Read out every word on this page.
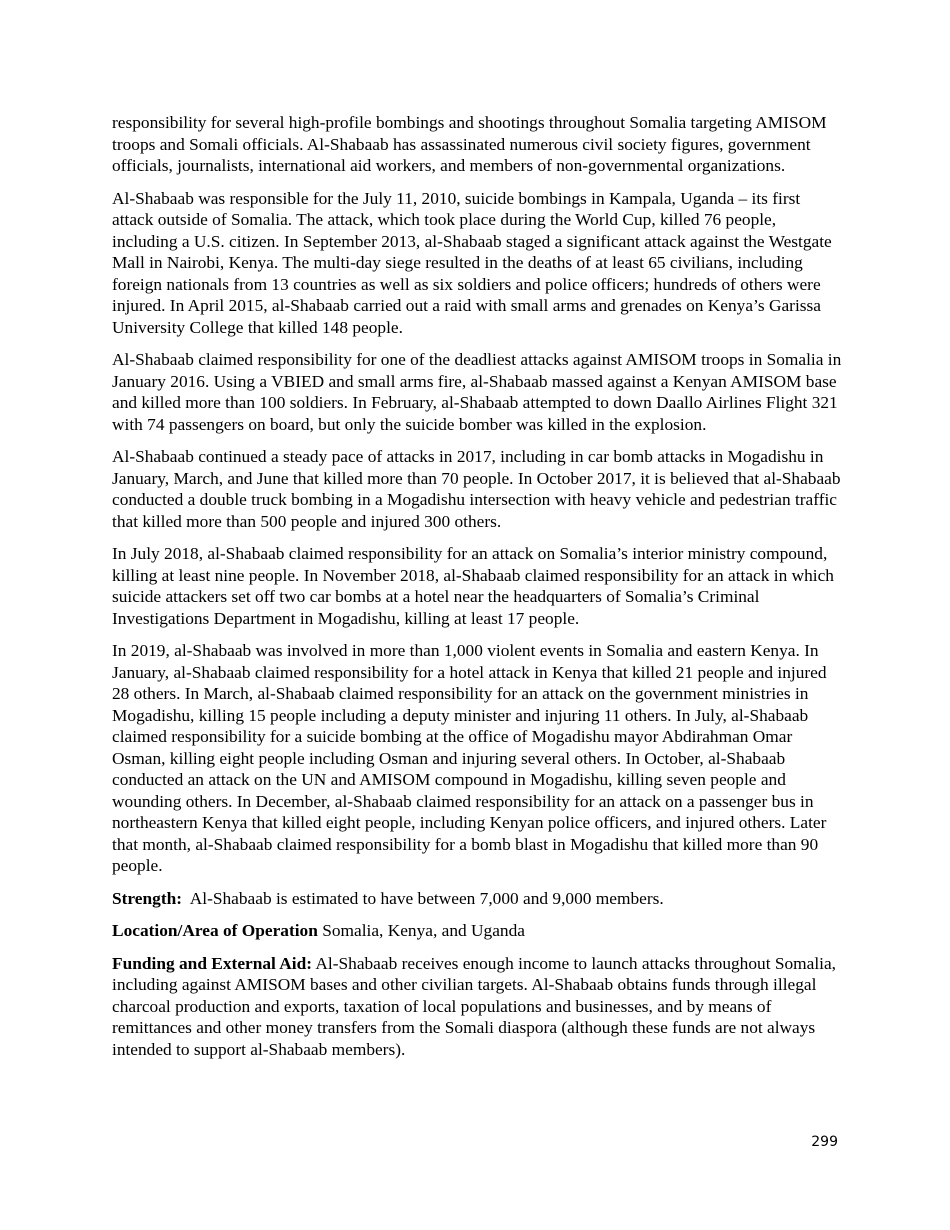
responsibility for several high-profile bombings and shootings throughout Somalia targeting AMISOM troops and Somali officials. Al-Shabaab has assassinated numerous civil society figures, government officials, journalists, international aid workers, and members of non-governmental organizations.

Al-Shabaab was responsible for the July 11, 2010, suicide bombings in Kampala, Uganda – its first attack outside of Somalia. The attack, which took place during the World Cup, killed 76 people, including a U.S. citizen. In September 2013, al-Shabaab staged a significant attack against the Westgate Mall in Nairobi, Kenya. The multi-day siege resulted in the deaths of at least 65 civilians, including foreign nationals from 13 countries as well as six soldiers and police officers; hundreds of others were injured. In April 2015, al-Shabaab carried out a raid with small arms and grenades on Kenya’s Garissa University College that killed 148 people.

Al-Shabaab claimed responsibility for one of the deadliest attacks against AMISOM troops in Somalia in January 2016. Using a VBIED and small arms fire, al-Shabaab massed against a Kenyan AMISOM base and killed more than 100 soldiers. In February, al-Shabaab attempted to down Daallo Airlines Flight 321 with 74 passengers on board, but only the suicide bomber was killed in the explosion.

Al-Shabaab continued a steady pace of attacks in 2017, including in car bomb attacks in Mogadishu in January, March, and June that killed more than 70 people. In October 2017, it is believed that al-Shabaab conducted a double truck bombing in a Mogadishu intersection with heavy vehicle and pedestrian traffic that killed more than 500 people and injured 300 others.

In July 2018, al-Shabaab claimed responsibility for an attack on Somalia’s interior ministry compound, killing at least nine people. In November 2018, al-Shabaab claimed responsibility for an attack in which suicide attackers set off two car bombs at a hotel near the headquarters of Somalia’s Criminal Investigations Department in Mogadishu, killing at least 17 people.

In 2019, al-Shabaab was involved in more than 1,000 violent events in Somalia and eastern Kenya. In January, al-Shabaab claimed responsibility for a hotel attack in Kenya that killed 21 people and injured 28 others. In March, al-Shabaab claimed responsibility for an attack on the government ministries in Mogadishu, killing 15 people including a deputy minister and injuring 11 others. In July, al-Shabaab claimed responsibility for a suicide bombing at the office of Mogadishu mayor Abdirahman Omar Osman, killing eight people including Osman and injuring several others. In October, al-Shabaab conducted an attack on the UN and AMISOM compound in Mogadishu, killing seven people and wounding others. In December, al-Shabaab claimed responsibility for an attack on a passenger bus in northeastern Kenya that killed eight people, including Kenyan police officers, and injured others. Later that month, al-Shabaab claimed responsibility for a bomb blast in Mogadishu that killed more than 90 people.

Strength:  Al-Shabaab is estimated to have between 7,000 and 9,000 members.

Location/Area of Operation Somalia, Kenya, and Uganda

Funding and External Aid: Al-Shabaab receives enough income to launch attacks throughout Somalia, including against AMISOM bases and other civilian targets. Al-Shabaab obtains funds through illegal charcoal production and exports, taxation of local populations and businesses, and by means of remittances and other money transfers from the Somali diaspora (although these funds are not always intended to support al-Shabaab members).

299
